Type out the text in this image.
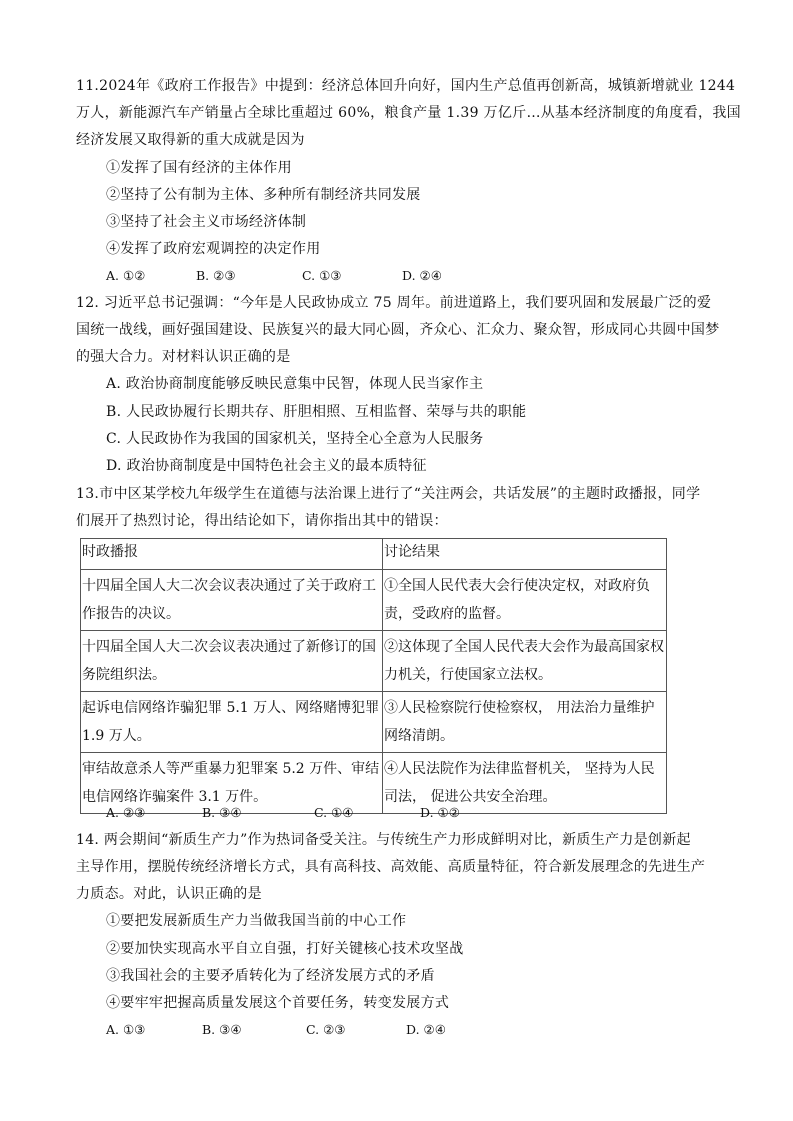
11.2024年《政府工作报告》中提到：经济总体回升向好，国内生产总值再创新高，城镇新增就业 1244
万人，新能源汽车产销量占全球比重超过 60%，粮食产量 1.39 万亿斤…从基本经济制度的角度看，我国
经济发展又取得新的重大成就是因为
①发挥了国有经济的主体作用
②坚持了公有制为主体、多种所有制经济共同发展
③坚持了社会主义市场经济体制
④发挥了政府宏观调控的决定作用
A. ①②	B. ②③	C. ①③	D. ②④
12. 习近平总书记强调：“今年是人民政协成立 75 周年。前进道路上，我们要巩固和发展最广泛的爱
国统一战线，画好强国建设、民族复兴的最大同心圆，齐众心、汇众力、聚众智，形成同心共圆中国梦
的强大合力。对材料认识正确的是
A. 政治协商制度能够反映民意集中民智，体现人民当家作主
B. 人民政协履行长期共存、肝胆相照、互相监督、荣辱与共的职能
C. 人民政协作为我国的国家机关，坚持全心全意为人民服务
D. 政治协商制度是中国特色社会主义的最本质特征
13.市中区某学校九年级学生在道德与法治课上进行了“关注两会，共话发展”的主题时政播报，同学
们展开了热烈讨论，得出结论如下，请你指出其中的错误：
时政播报	讨论结果
十四届全国人大二次会议表决通过了关于政府工作报告的决议。	①全国人民代表大会行使决定权，对政府负责，受政府的监督。
十四届全国人大二次会议表决通过了新修订的国务院组织法。	②这体现了全国人民代表大会作为最高国家权力机关，行使国家立法权。
起诉电信网络诈骗犯罪 5.1 万人、网络赌博犯罪 1.9 万人。	③人民检察院行使检察权， 用法治力量维护网络清朗。
审结故意杀人等严重暴力犯罪案 5.2 万件、审结电信网络诈骗案件 3.1 万件。	④人民法院作为法律监督机关， 坚持为人民司法， 促进公共安全治理。
A. ②③	B. ③④	C. ①④	D. ①②
14. 两会期间“新质生产力”作为热词备受关注。与传统生产力形成鲜明对比，新质生产力是创新起
主导作用，摆脱传统经济增长方式，具有高科技、高效能、高质量特征，符合新发展理念的先进生产
力质态。对此，认识正确的是
①要把发展新质生产力当做我国当前的中心工作
②要加快实现高水平自立自强，打好关键核心技术攻坚战
③我国社会的主要矛盾转化为了经济发展方式的矛盾
④要牢牢把握高质量发展这个首要任务，转变发展方式
A. ①③	B. ③④	C. ②③	D. ②④
